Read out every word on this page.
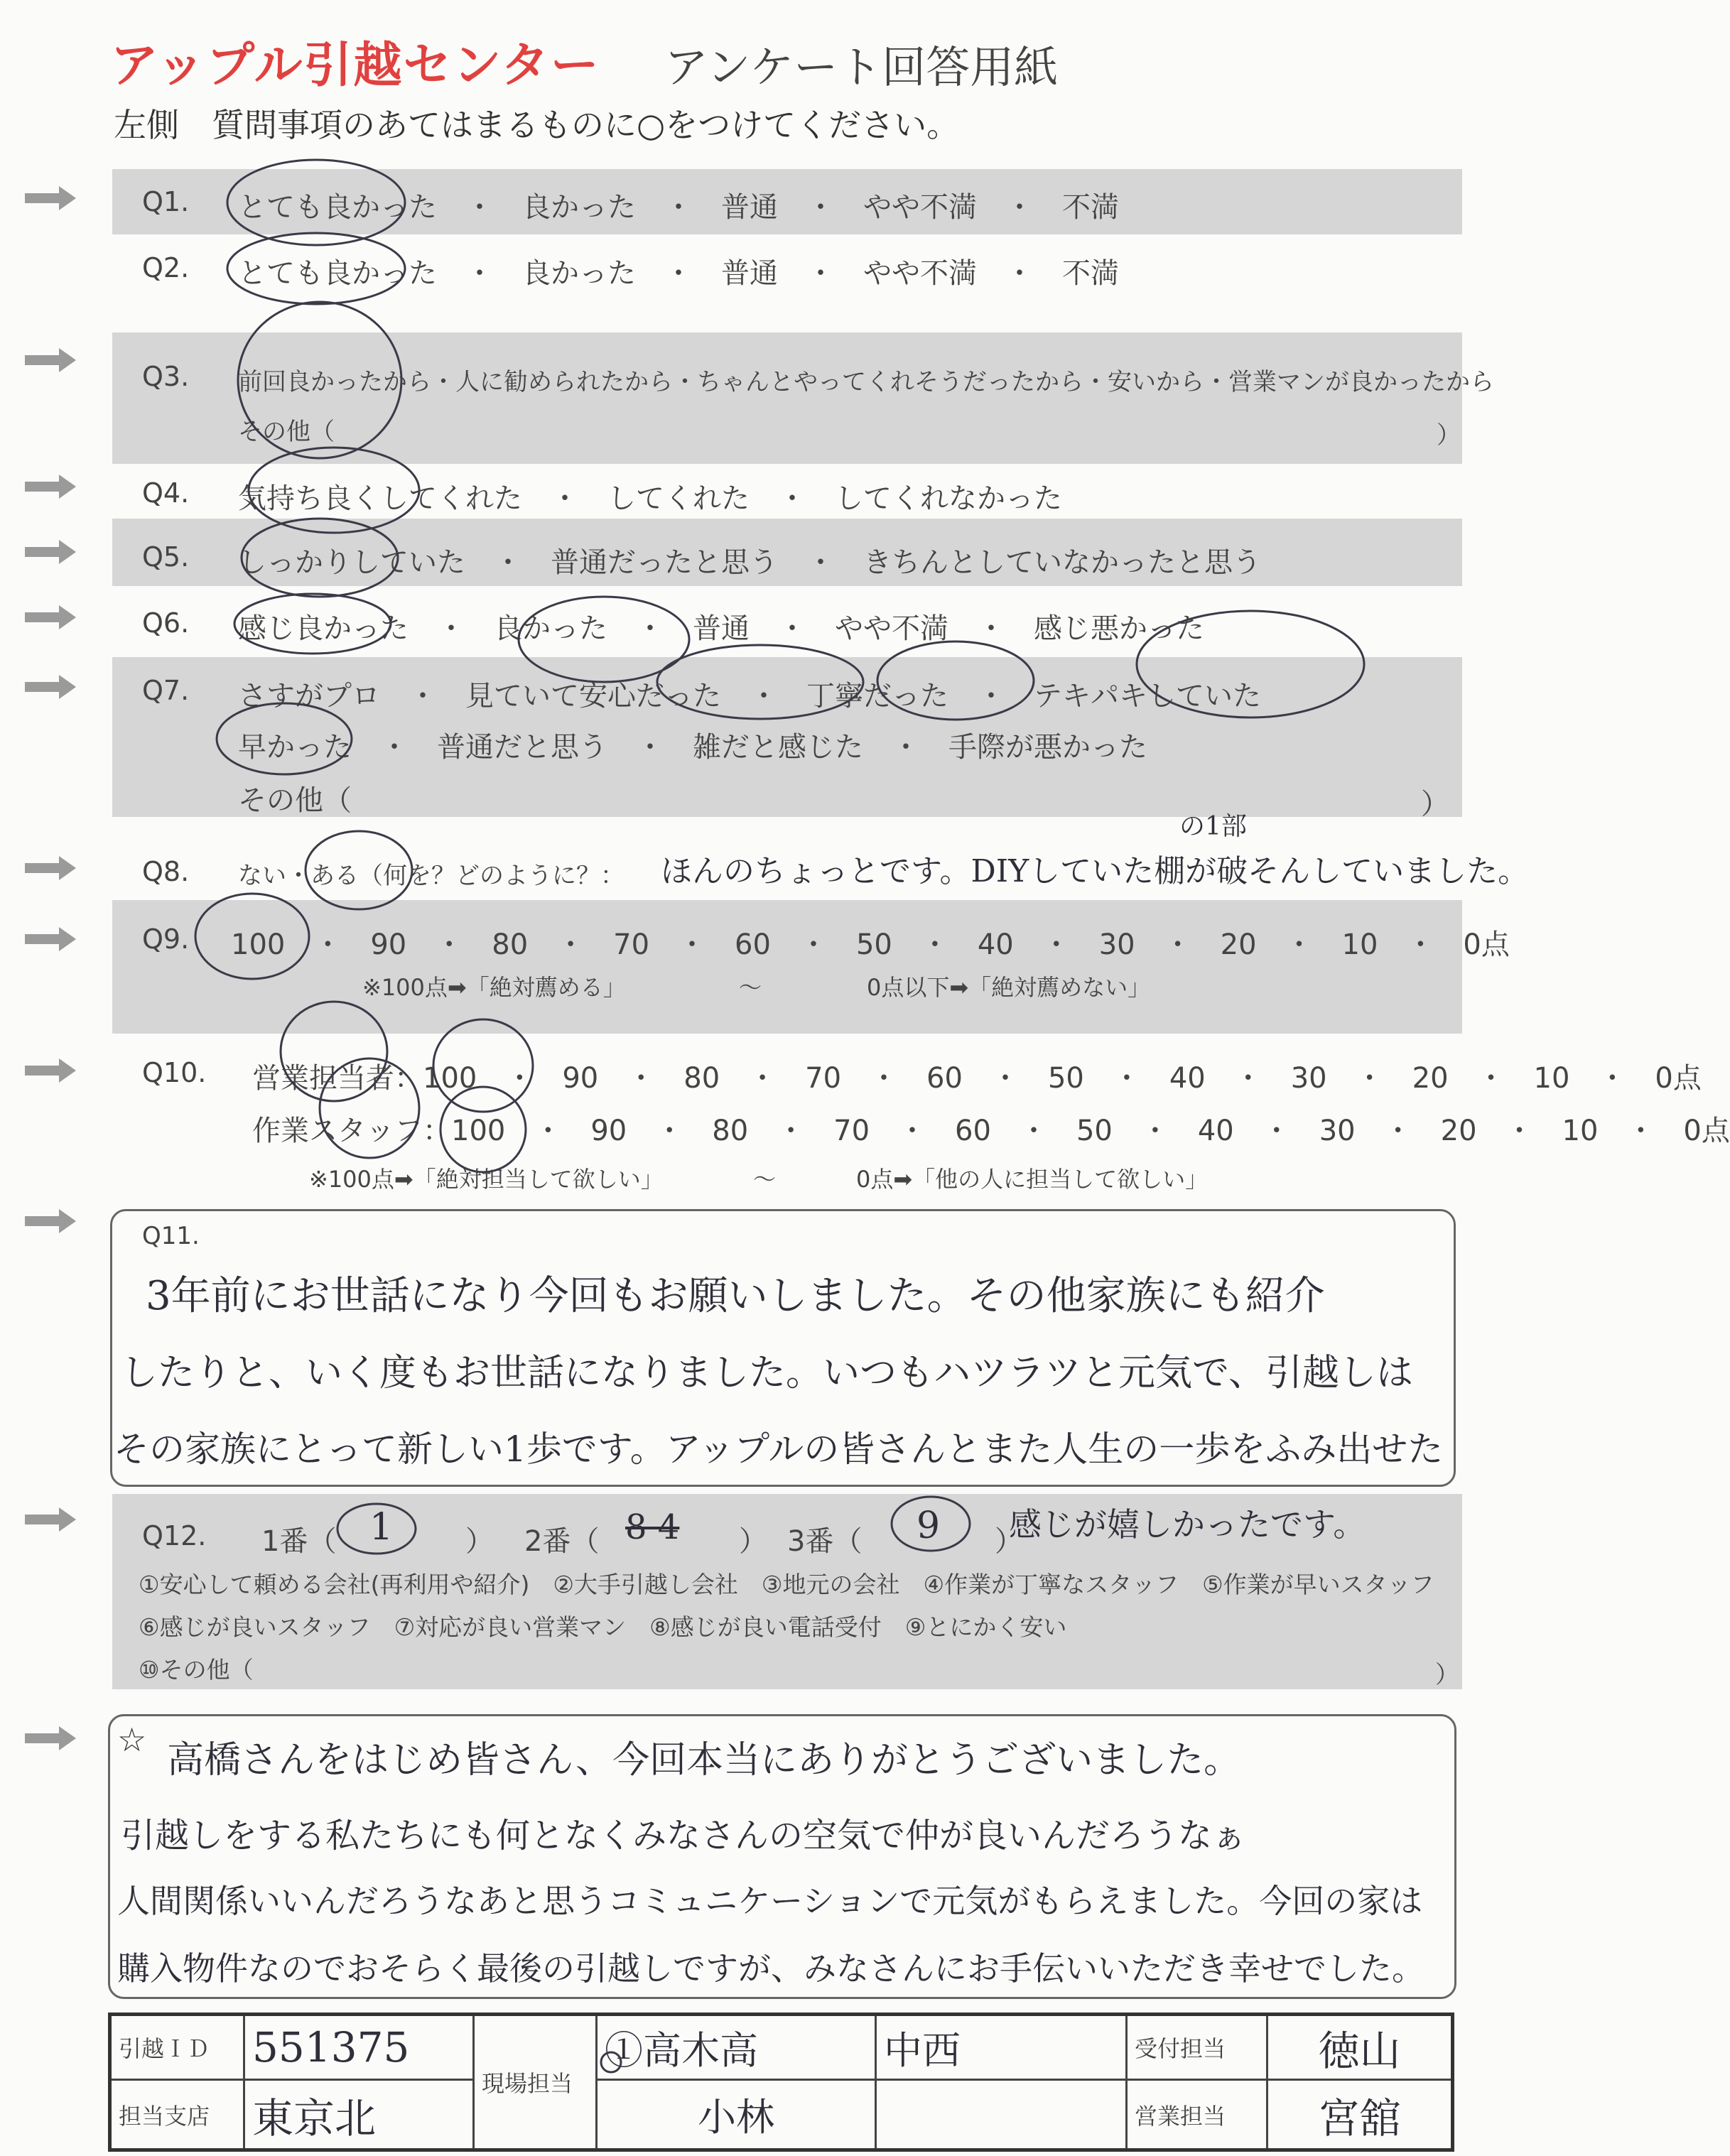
アップル引越センター アンケート回答用紙
左側　質問事項のあてはまるものに○をつけてください。
Q1. とても良かった　・　良かった　・　普通　・　やや不満　・　不満
Q2. とても良かった　・　良かった　・　普通　・　やや不満　・　不満
Q3. 前回良かったから・人に勧められたから・ちゃんとやってくれそうだったから・安いから・営業マンが良かったから
その他（	）
Q4. 気持ち良くしてくれた　・　してくれた　・　してくれなかった
Q5. しっかりしていた　・　普通だったと思う　・　きちんとしていなかったと思う
Q6. 感じ良かった　・　良かった　・　普通　・　やや不満　・　感じ悪かった
Q7. さすがプロ　・　見ていて安心だった　・　丁寧だった　・　テキパキしていた
早かった　・　普通だと思う　・　雑だと感じた　・　手際が悪かった
その他（	）
Q8. ない・ある（何を？どのように？： ほんのちょっとです。DIYしていた棚が破そんしていました。
の1部
Q9. 100　・　90　・　80　・　70　・　60　・　50　・　40　・　30　・　20　・　10　・　0点
※100点➡「絶対薦める」	〜	0点以下➡「絶対薦めない」
Q10. 営業担当者：100　・　90　・　80　・　70　・　60　・　50　・　40　・　30　・　20　・　10　・　0点
作業スタッフ：100　・　90　・　80　・　70　・　60　・　50　・　40　・　30　・　20　・　10　・　0点
※100点➡「絶対担当して欲しい」	〜	0点➡「他の人に担当して欲しい」
Q11.
3年前にお世話になり今回もお願いしました。その他家族にも紹介
したりと、いく度もお世話になりました。いつもハツラツと元気で、引越しは
その家族にとって新しい1歩です。アップルの皆さんとまた人生の一歩をふみ出せた
Q12. 1番（	） 2番（	） 3番（	）
1	8 4	9 感じが嬉しかったです。
①安心して頼める会社(再利用や紹介)　②大手引越し会社　③地元の会社　④作業が丁寧なスタッフ　⑤作業が早いスタッフ
⑥感じが良いスタッフ　⑦対応が良い営業マン　⑧感じが良い電話受付　⑨とにかく安い
⑩その他（	）
☆ 高橋さんをはじめ皆さん、今回本当にありがとうございました。
引越しをする私たちにも何となくみなさんの空気で仲が良いんだろうなぁ
人間関係いいんだろうなあと思うコミュニケーションで元気がもらえました。今回の家は
購入物件なのでおそらく最後の引越しですが、みなさんにお手伝いいただき幸せでした。
引越ＩＤ	551375	現場担当	①高木高	中西	受付担当	徳山
担当支店	東京北		小林		営業担当	宮舘
